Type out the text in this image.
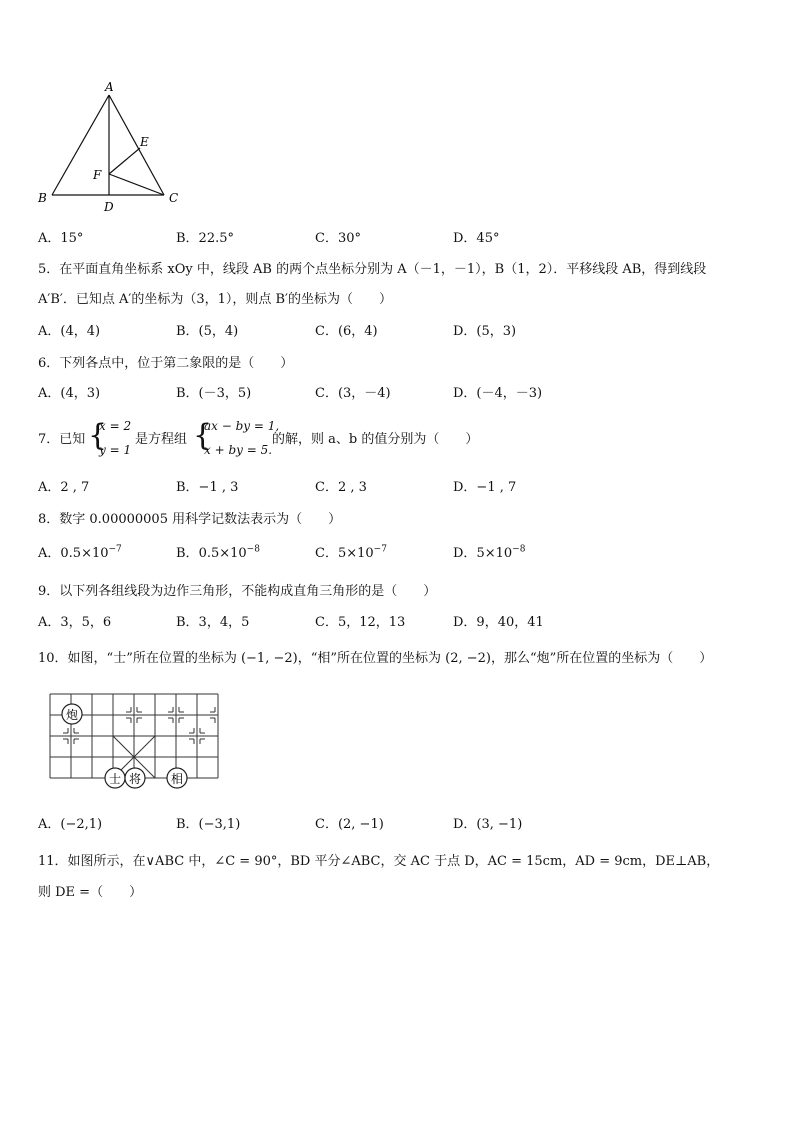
A
B	C
D
E
F
A．15°	B．22.5°	C．30°	D．45°
5．在平面直角坐标系 xOy 中，线段 AB 的两个点坐标分别为 A（－1，－1），B（1，2）．平移线段 AB，得到线段
A′B′．已知点 A′的坐标为（3，1），则点 B′的坐标为（　　）
A．(4，4)	B．(5，4)	C．(6，4)	D．(5，3)
6．下列各点中，位于第二象限的是（　　）
A．(4，3)	B．(－3，5)	C．(3，－4)	D．(－4，－3)
7．已知 {
x = 2
y = 1
是方程组 {
ax − by = 1,
x + by = 5.
的解，则 a、b 的值分别为（　　）
A．2 , 7	B．−1 , 3	C．2 , 3	D．−1 , 7
8．数字 0.00000005 用科学记数法表示为（　　）
A．$0.5\times 10^{-7}$	B．$0.5\times 10^{-8}$	C．$5\times 10^{-7}$	D．$5\times 10^{-8}$
9．以下列各组线段为边作三角形，不能构成直角三角形的是（　　）
A．3，5，6	B．3，4，5	C．5，12，13	D．9，40，41
10．如图，“士”所在位置的坐标为 (−1, −2)，“相”所在位置的坐标为 (2, −2)，那么“炮”所在位置的坐标为（　　）
炮
士 将 相
A．(−2,1)	B．(−3,1)	C．(2, −1)	D．(3, −1)
11．如图所示，在∨ABC 中，∠C = 90°，BD 平分∠ABC，交 AC 于点 D，AC = 15cm，AD = 9cm，DE⊥AB，
则 DE =（　　）
